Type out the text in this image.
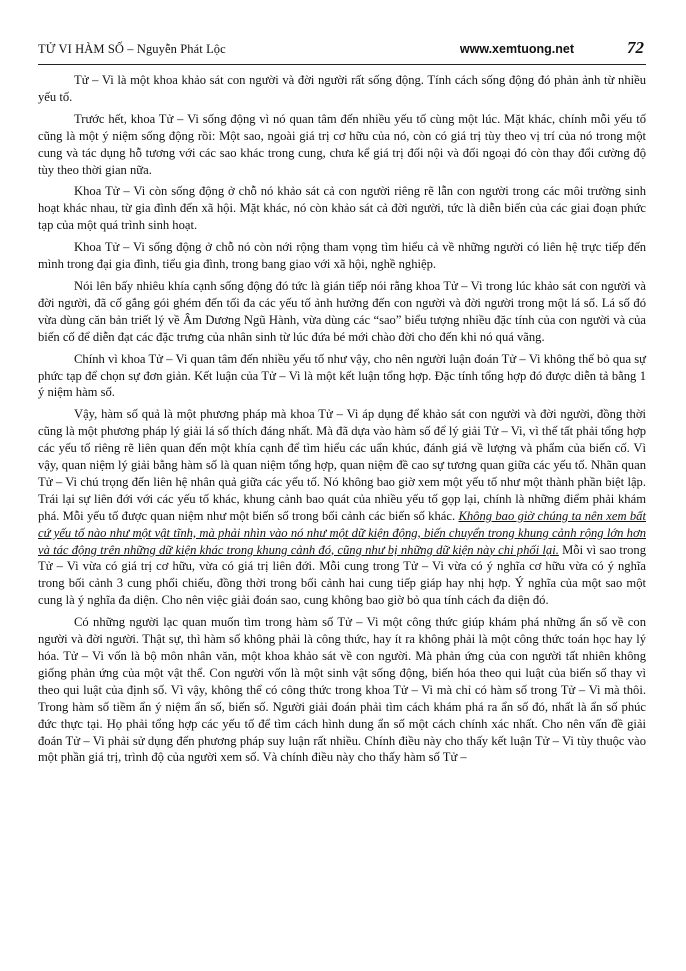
TỬ VI HÀM SỐ – Nguyễn Phát Lộc	www.xemtuong.net	72

Tử – Vi là một khoa khảo sát con người và đời người rất sống động. Tính cách sống động đó phản ảnh từ nhiều yếu tố.

Trước hết, khoa Tử – Vi sống động vì nó quan tâm đến nhiều yếu tố cùng một lúc. Mặt khác, chính mỗi yếu tố cũng là một ý niệm sống động rồi: Một sao, ngoài giá trị cơ hữu của nó, còn có giá trị tùy theo vị trí của nó trong một cung và tác dụng hỗ tương với các sao khác trong cung, chưa kể giá trị đối nội và đối ngoại đó còn thay đổi cường độ tùy theo thời gian nữa.

Khoa Tử – Vi còn sống động ở chỗ nó khảo sát cả con người riêng rẽ lẫn con người trong các môi trường sinh hoạt khác nhau, từ gia đình đến xã hội. Mặt khác, nó còn khảo sát cả đời người, tức là diễn biến của các giai đoạn phức tạp của một quá trình sinh hoạt.

Khoa Tử – Vi sống động ở chỗ nó còn nới rộng tham vọng tìm hiểu cả về những người có liên hệ trực tiếp đến mình trong đại gia đình, tiểu gia đình, trong bang giao với xã hội, nghề nghiệp.

Nói lên bấy nhiêu khía cạnh sống động đó tức là gián tiếp nói rằng khoa Tử – Vi trong lúc khảo sát con người và đời người, đã cố gắng gói ghém đến tối đa các yếu tố ảnh hưởng đến con người và đời người trong một lá số. Lá số đó vừa dùng căn bản triết lý về Âm Dương Ngũ Hành, vừa dùng các “sao” biểu tượng nhiều đặc tính của con người và của biến cố để diễn đạt các đặc trưng của nhân sinh từ lúc đứa bé mới chào đời cho đến khi nó quá vãng.

Chính vì khoa Tử – Vi quan tâm đến nhiều yếu tố như vậy, cho nên người luận đoán Tử – Vi không thể bỏ qua sự phức tạp để chọn sự đơn giản. Kết luận của Tử – Vi là một kết luận tổng hợp. Đặc tính tổng hợp đó được diễn tả bằng 1 ý niệm hàm số.

Vậy, hàm số quả là một phương pháp mà khoa Tử – Vi áp dụng để khảo sát con người và đời người, đồng thời cũng là một phương pháp lý giải lá số thích đáng nhất. Mà đã dựa vào hàm số để lý giải Tử – Vi, vì thế tất phải tổng hợp các yếu tố riêng rẽ liên quan đến một khía cạnh để tìm hiểu các uẩn khúc, đánh giá về lượng và phẩm của biến cố. Vì vậy, quan niệm lý giải bằng hàm số là quan niệm tổng hợp, quan niệm đề cao sự tương quan giữa các yếu tố. Nhãn quan Tử – Vi chú trọng đến liên hệ nhân quả giữa các yếu tố. Nó không bao giờ xem một yếu tố như một thành phần biệt lập. Trái lại sự liên đới với các yếu tố khác, khung cảnh bao quát của nhiều yếu tố gọp lại, chính là những điểm phải khám phá. Mỗi yếu tố được quan niệm như một biến số trong bối cảnh các biến số khác. Không bao giờ chúng ta nên xem bất cứ yếu tố nào như một vật tĩnh, mà phải nhìn vào nó như một dữ kiện động, biến chuyển trong khung cảnh rộng lớn hơn và tác động trên những dữ kiện khác trong khung cảnh đó, cũng như bị những dữ kiện này chi phối lại. Mỗi vì sao trong Tử – Vi vừa có giá trị cơ hữu, vừa có giá trị liên đới. Mỗi cung trong Tử – Vi vừa có ý nghĩa cơ hữu vừa có ý nghĩa trong bối cảnh 3 cung phối chiếu, đồng thời trong bối cảnh hai cung tiếp giáp hay nhị hợp. Ý nghĩa của một sao một cung là ý nghĩa đa diện. Cho nên việc giải đoán sao, cung không bao giờ bỏ qua tính cách đa diện đó.

Có những người lạc quan muốn tìm trong hàm số Tử – Vi một công thức giúp khám phá những ẩn số về con người và đời người. Thật sự, thì hàm số không phải là công thức, hay ít ra không phải là một công thức toán học hay lý hóa. Tử – Vi vốn là bộ môn nhân văn, một khoa khảo sát về con người. Mà phản ứng của con người tất nhiên không giống phản ứng của một vật thể. Con người vốn là một sinh vật sống động, biến hóa theo qui luật của biến số thay vì theo qui luật của định số. Vì vậy, không thể có công thức trong khoa Tử – Vi mà chỉ có hàm số trong Tử – Vi mà thôi. Trong hàm số tiềm ẩn ý niệm ẩn số, biến số. Người giải đoán phải tìm cách khám phá ra ẩn số đó, nhất là ẩn số phúc đức thực tại. Họ phải tổng hợp các yếu tố để tìm cách hình dung ẩn số một cách chính xác nhất. Cho nên vấn đề giải đoán Tử – Vi phải sử dụng đến phương pháp suy luận rất nhiều. Chính điều này cho thấy kết luận Tử – Vi tùy thuộc vào một phần giá trị, trình độ của người xem số. Và chính điều này cho thấy hàm số Tử –
